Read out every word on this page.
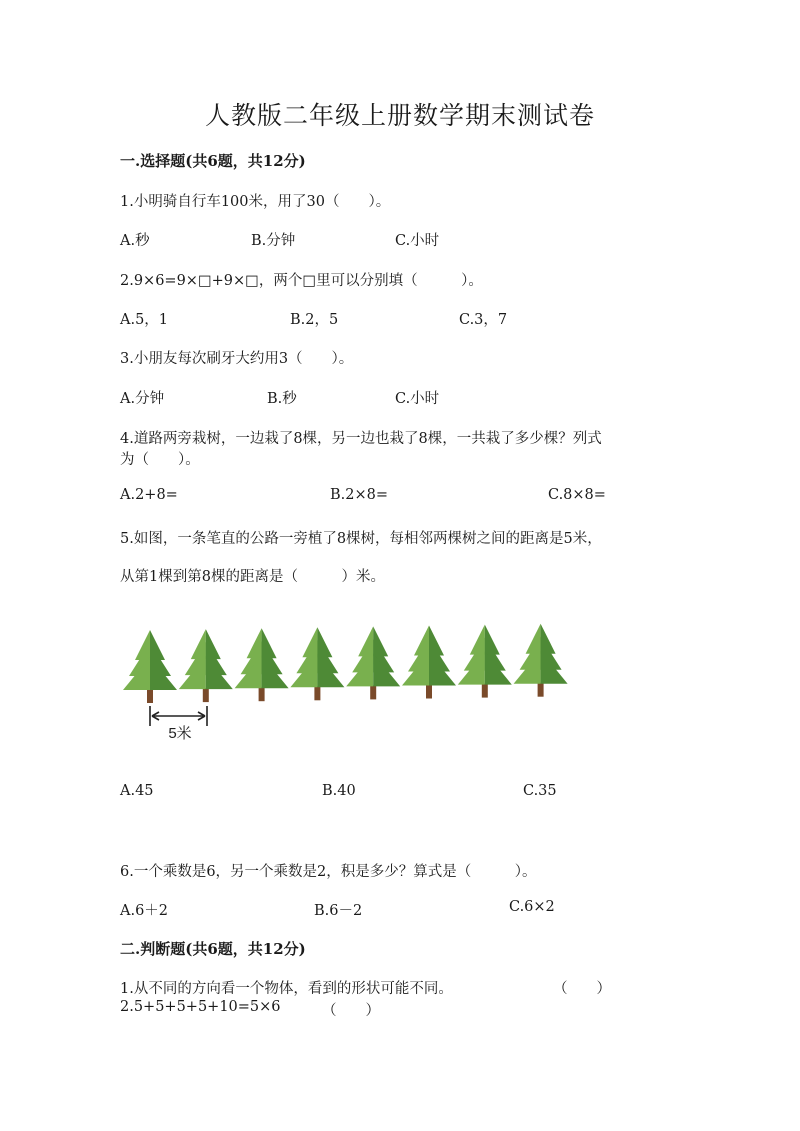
人教版二年级上册数学期末测试卷
一.选择题(共6题，共12分)
1.小明骑自行车100米，用了30（　　）。
A.秒	B.分钟	C.小时
2.9×6=9×□+9×□，两个□里可以分别填（　　　）。
A.5，1	B.2，5	C.3，7
3.小朋友每次刷牙大约用3（　　）。
A.分钟	B.秒	C.小时
4.道路两旁栽树，一边栽了8棵，另一边也栽了8棵，一共栽了多少棵？列式
为（　　）。
A.2+8=	B.2×8=	C.8×8=
5.如图，一条笔直的公路一旁植了8棵树，每相邻两棵树之间的距离是5米，
从第1棵到第8棵的距离是（　　　）米。
5米
A.45	B.40	C.35
6.一个乘数是6，另一个乘数是2，积是多少？算式是（　　　）。
A.6＋2	B.6－2	C.6×2
二.判断题(共6题，共12分)
1.从不同的方向看一个物体，看到的形状可能不同。	（　　）
2.5+5+5+5+10=5×6	（　　）
